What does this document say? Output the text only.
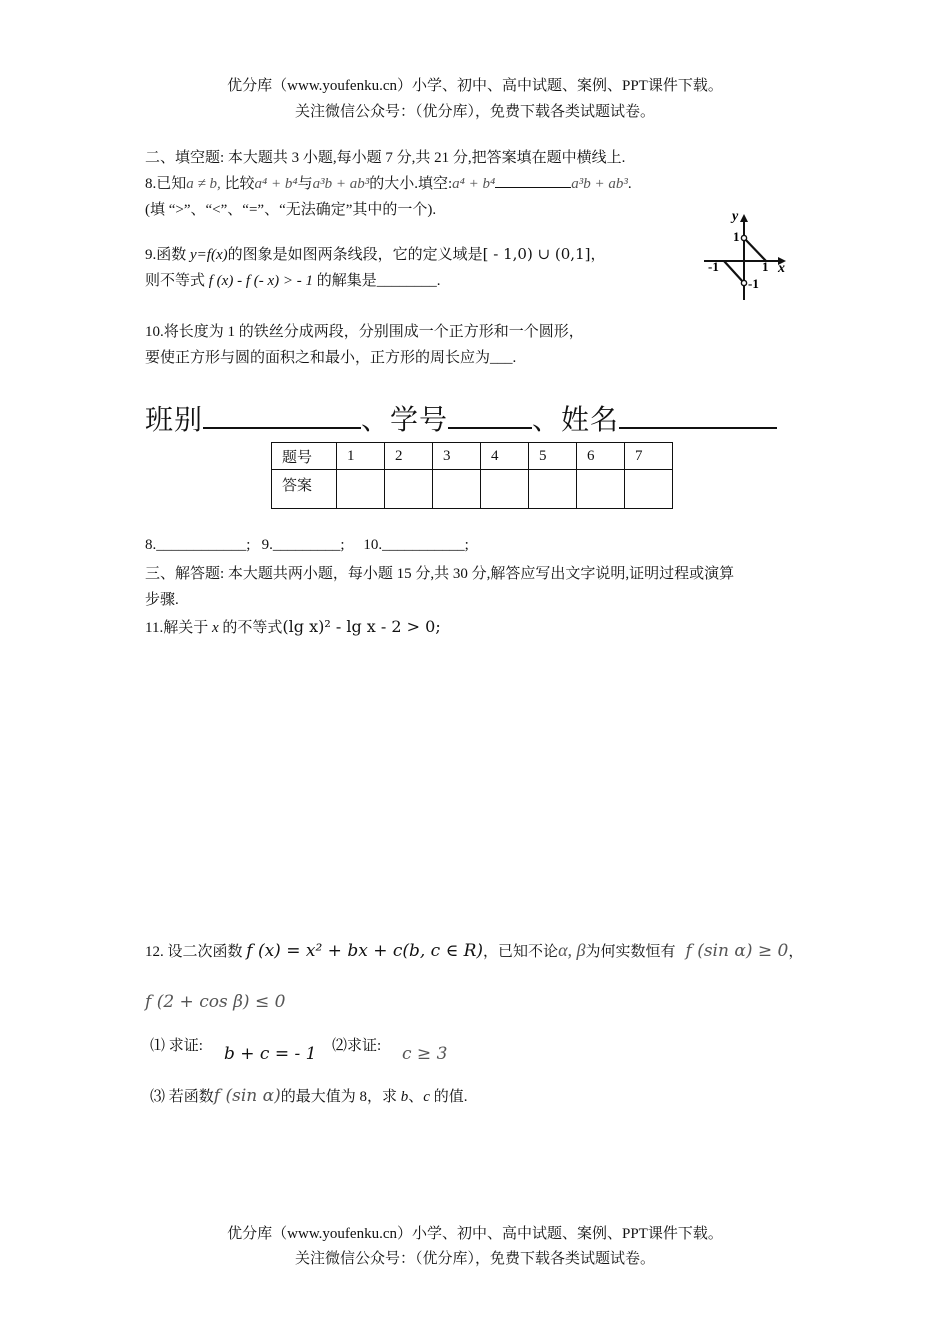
优分库（www.youfenku.cn）小学、初中、高中试题、案例、PPT课件下载。
关注微信公众号：（优分库），免费下载各类试题试卷。
二、填空题: 本大题共 3 小题,每小题 7 分,共 21 分,把答案填在题中横线上.
8.已知a ≠ b, 比较a⁴ + b⁴与a³b + ab³的大小.填空:a⁴ + b⁴	a³b + ab³.
(填 “>”、“<”、“=”、“无法确定”其中的一个).
9.函数 y=f(x)的图象是如图两条线段，它的定义域是[ - 1,0) ∪ (0,1]，
则不等式 f (x) - f (- x) > - 1 的解集是________.
y
x
1
-1	1
-1
10.将长度为 1 的铁丝分成两段，分别围成一个正方形和一个圆形，
要使正方形与圆的面积之和最小，正方形的周长应为___.
班别	、学号	、姓名
题号	1	2	3	4	5	6	7
答案							
8.____________;   9._________;     10.___________;
三、解答题: 本大题共两小题，每小题 15 分,共 30 分,解答应写出文字说明,证明过程或演算
步骤.
11.解关于 x 的不等式(lg x)² - lg x - 2 > 0;
12. 设二次函数 f (x) = x² + bx + c(b, c ∈ R)，已知不论α, β为何实数恒有 f (sin α) ≥ 0，
f (2 + cos β) ≤ 0
⑴ 求证: b + c = - 1 ⑵求证: c ≥ 3
⑶ 若函数f (sin α)的最大值为 8，求 b、c 的值.
优分库（www.youfenku.cn）小学、初中、高中试题、案例、PPT课件下载。
关注微信公众号：（优分库），免费下载各类试题试卷。
